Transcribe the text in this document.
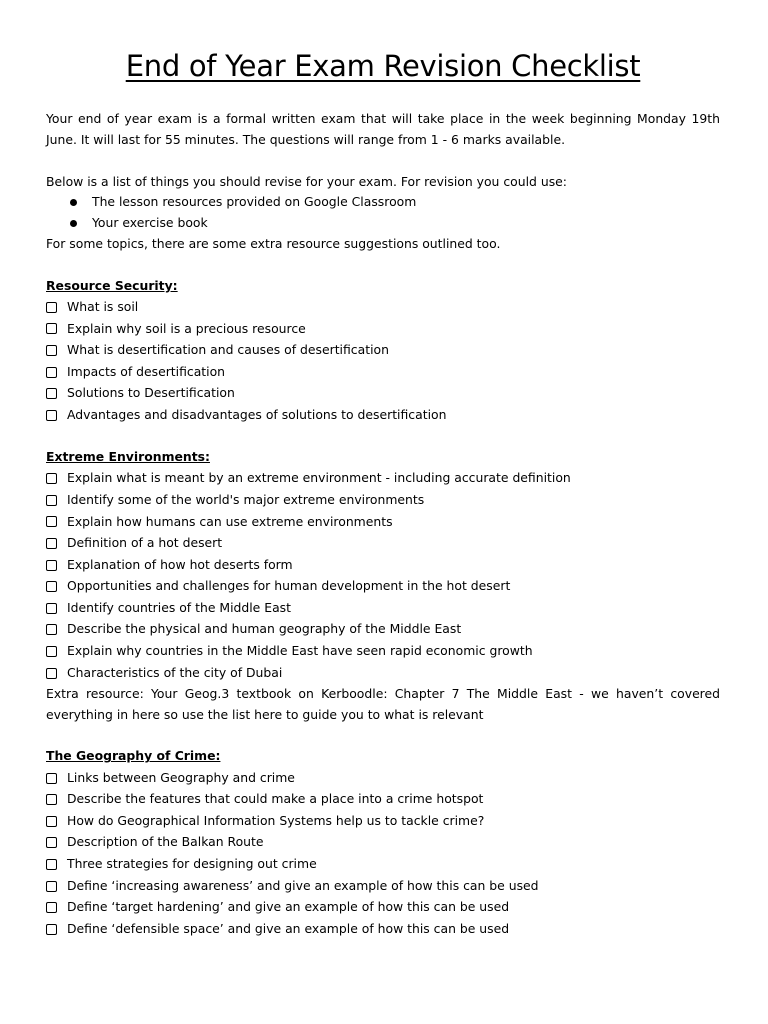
End of Year Exam Revision Checklist

Your end of year exam is a formal written exam that will take place in the week beginning Monday 19th June. It will last for 55 minutes. The questions will range from 1 - 6 marks available.

Below is a list of things you should revise for your exam. For revision you could use:

The lesson resources provided on Google Classroom
Your exercise book

For some topics, there are some extra resource suggestions outlined too.

Resource Security:
What is soil
Explain why soil is a precious resource
What is desertification and causes of desertification
Impacts of desertification
Solutions to Desertification
Advantages and disadvantages of solutions to desertification
Extreme Environments:
Explain what is meant by an extreme environment - including accurate definition
Identify some of the world's major extreme environments
Explain how humans can use extreme environments
Definition of a hot desert
Explanation of how hot deserts form
Opportunities and challenges for human development in the hot desert
Identify countries of the Middle East
Describe the physical and human geography of the Middle East
Explain why countries in the Middle East have seen rapid economic growth
Characteristics of the city of Dubai

Extra resource: Your Geog.3 textbook on Kerboodle: Chapter 7 The Middle East - we haven’t covered everything in here so use the list here to guide you to what is relevant

The Geography of Crime:
Links between Geography and crime
Describe the features that could make a place into a crime hotspot
How do Geographical Information Systems help us to tackle crime?
Description of the Balkan Route
Three strategies for designing out crime
Define ‘increasing awareness’ and give an example of how this can be used
Define ‘target hardening’ and give an example of how this can be used
Define ‘defensible space’ and give an example of how this can be used
